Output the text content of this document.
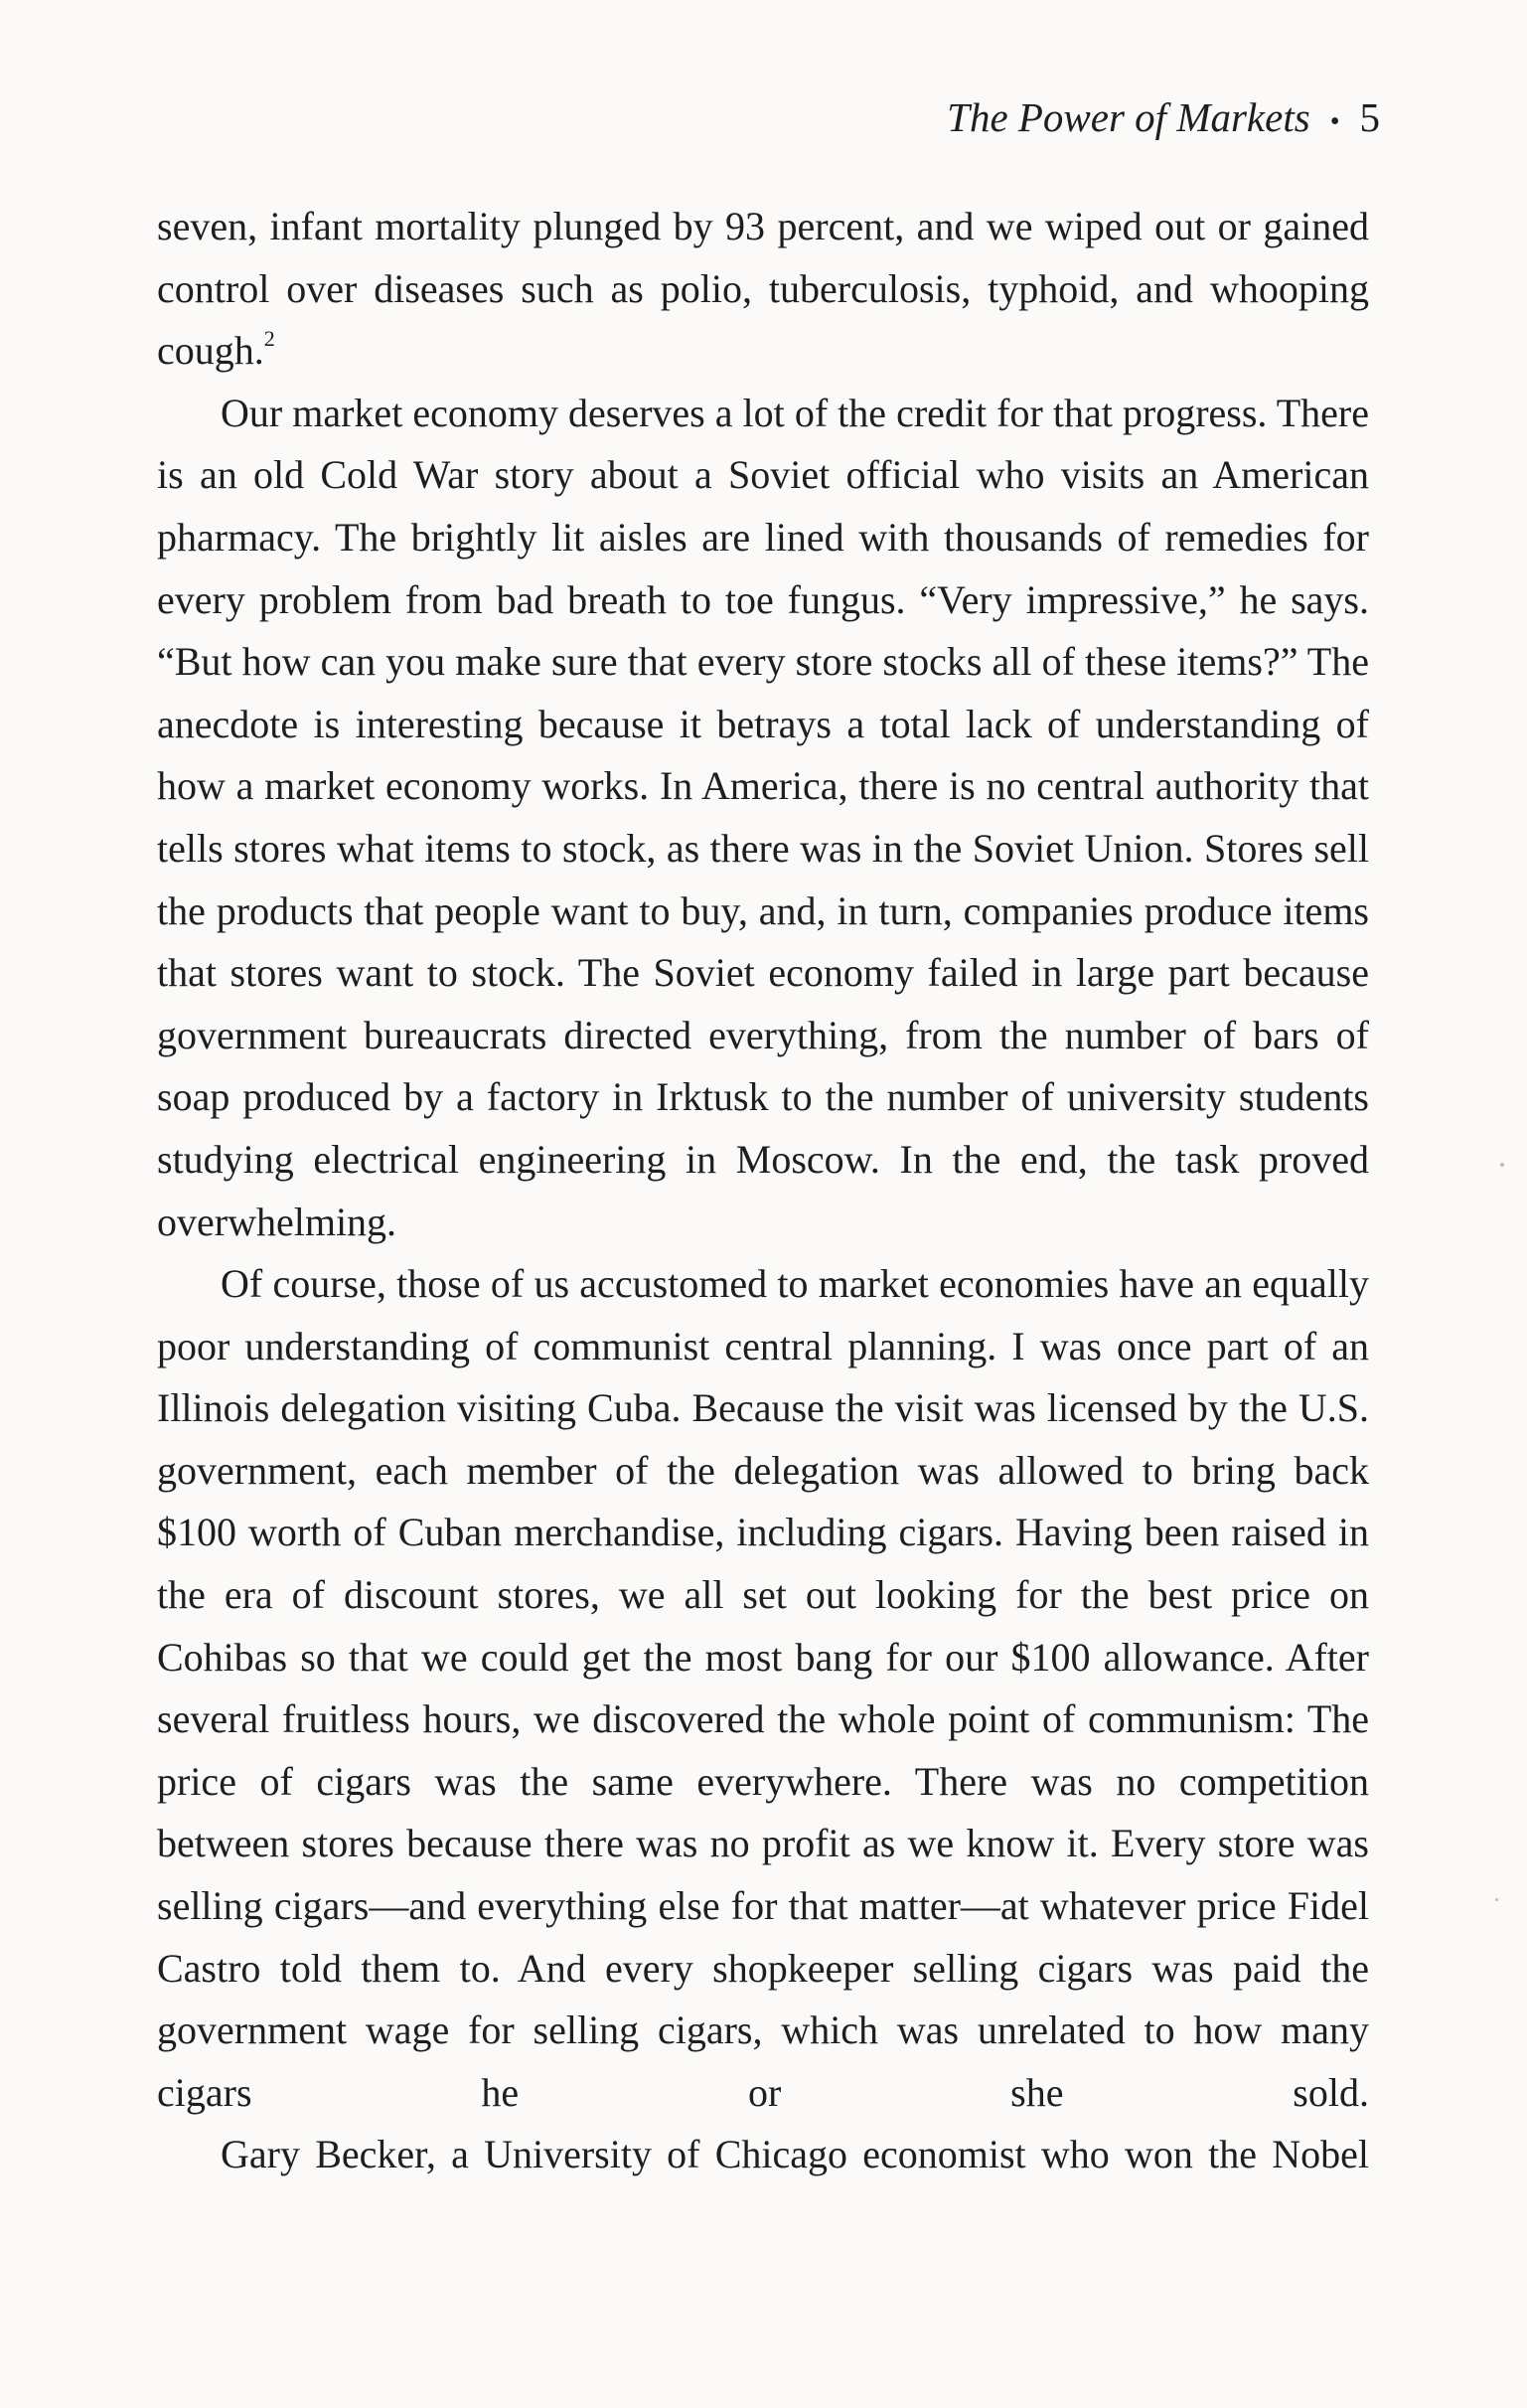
The Power of Markets • 5

seven, infant mortality plunged by 93 percent, and we wiped out or gained control over diseases such as polio, tuberculosis, typhoid, and whooping cough.$^2$

Our market economy deserves a lot of the credit for that progress. There is an old Cold War story about a Soviet official who visits an American pharmacy. The brightly lit aisles are lined with thousands of remedies for every problem from bad breath to toe fungus. “Very impressive,” he says. “But how can you make sure that every store stocks all of these items?” The anecdote is interesting because it betrays a total lack of understanding of how a market economy works. In America, there is no central authority that tells stores what items to stock, as there was in the Soviet Union. Stores sell the products that people want to buy, and, in turn, companies produce items that stores want to stock. The Soviet economy failed in large part because government bureaucrats directed everything, from the number of bars of soap produced by a factory in Irktusk to the number of university students studying electrical engineering in Moscow. In the end, the task proved overwhelming.

Of course, those of us accustomed to market economies have an equally poor understanding of communist central planning. I was once part of an Illinois delegation visiting Cuba. Because the visit was licensed by the U.S. government, each member of the delegation was allowed to bring back $100 worth of Cuban merchandise, including cigars. Having been raised in the era of discount stores, we all set out looking for the best price on Cohibas so that we could get the most bang for our $100 allowance. After several fruitless hours, we discovered the whole point of communism: The price of cigars was the same everywhere. There was no competition between stores because there was no profit as we know it. Every store was selling cigars—and everything else for that matter—at whatever price Fidel Castro told them to. And every shopkeeper selling cigars was paid the government wage for selling cigars, which was unrelated to how many cigars he or she sold.

Gary Becker, a University of Chicago economist who won the Nobel
